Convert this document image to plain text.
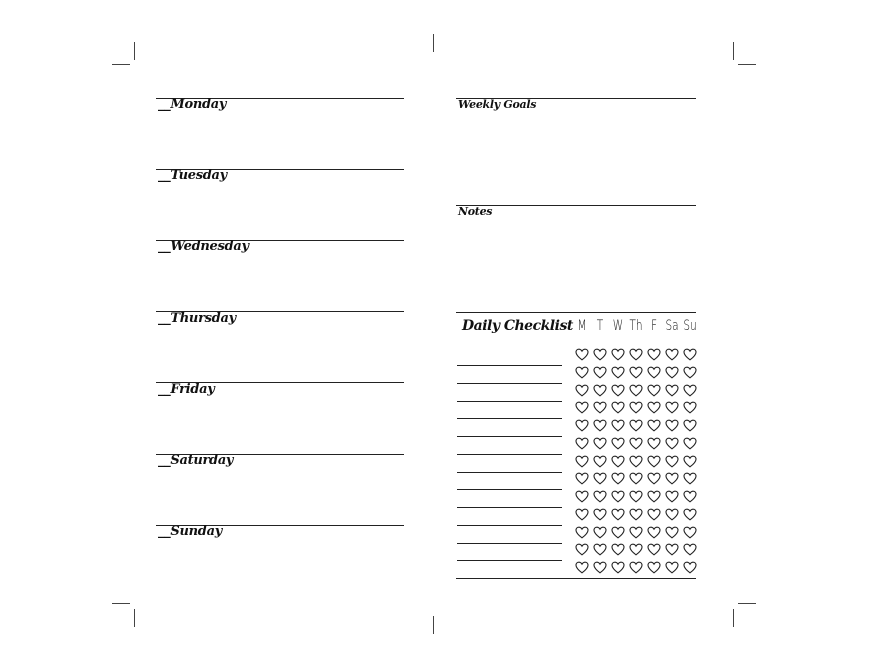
__Monday
__Tuesday
__Wednesday
__Thursday
__Friday
__Saturday
__Sunday
Weekly Goals
Notes
Daily Checklist M T W Th F Sa Su
